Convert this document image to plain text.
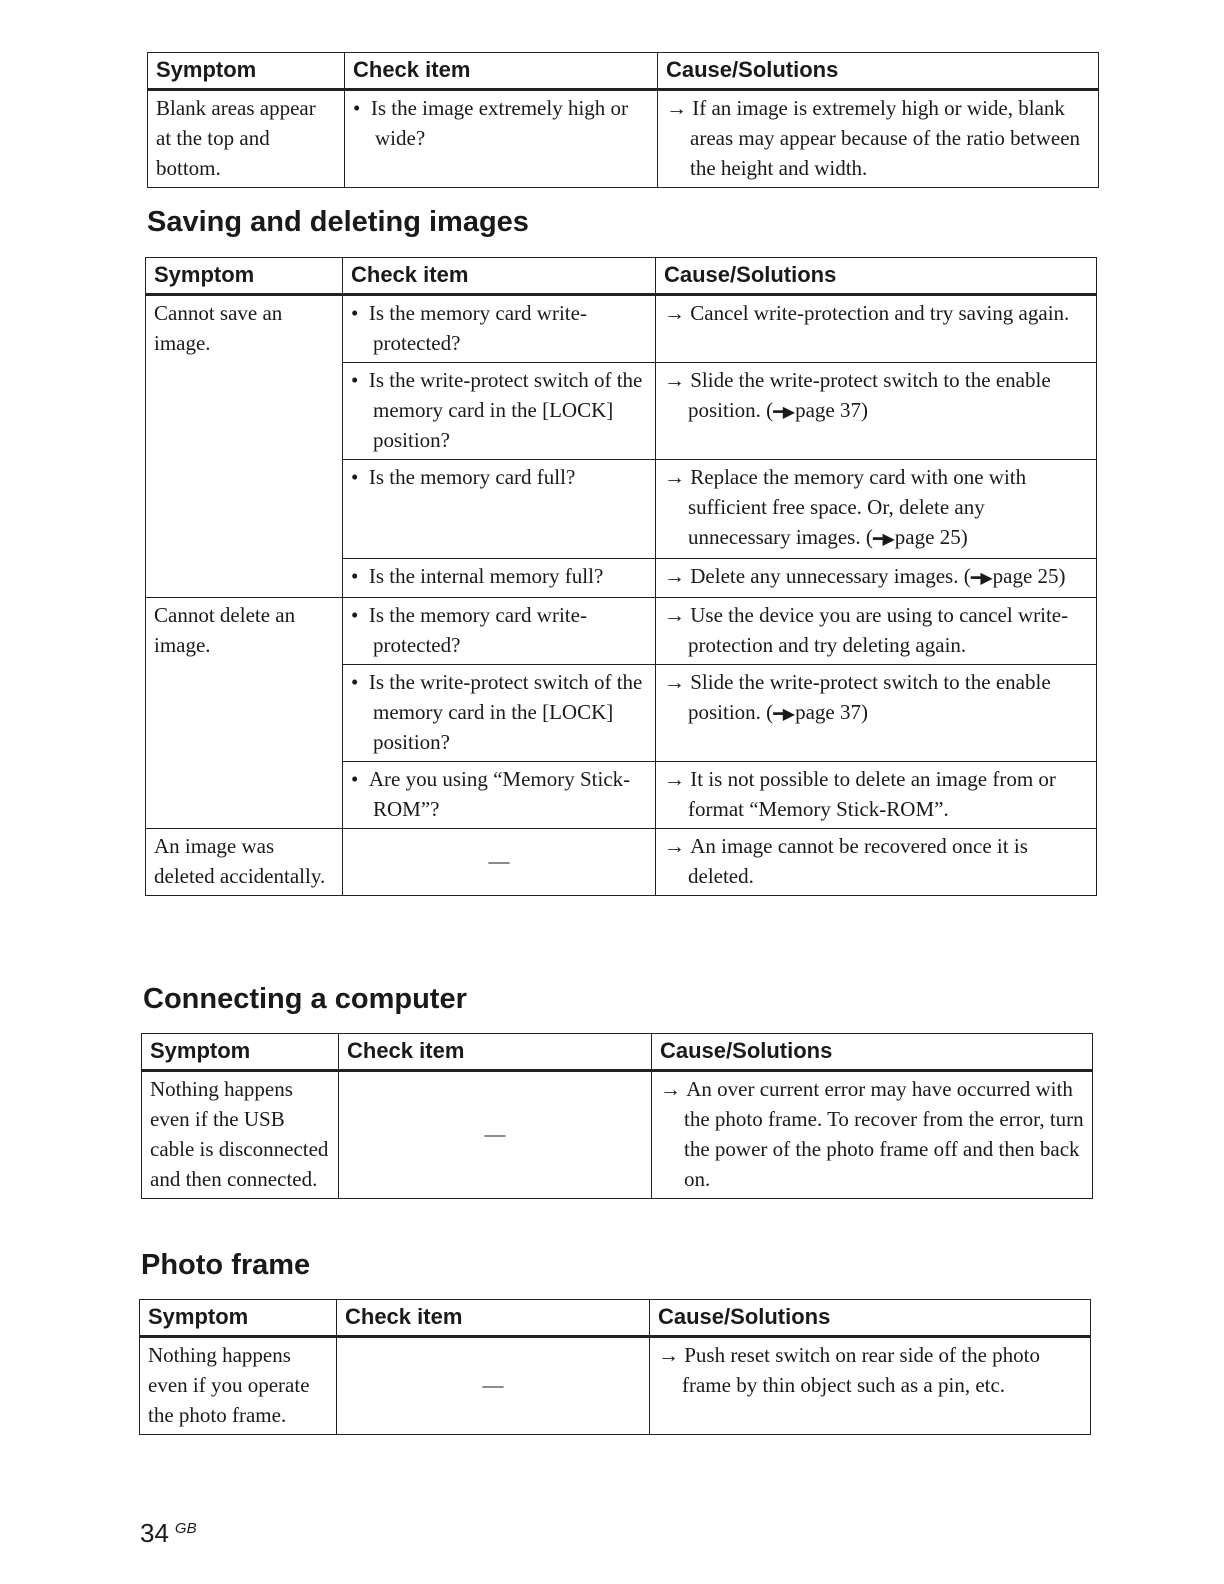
Symptom	Check item	Cause/Solutions
Blank areas appear at the top and bottom.	•  Is the image extremely high or wide?	→ If an image is extremely high or wide, blank areas may appear because of the ratio between the height and width.
Saving and deleting images
Symptom	Check item	Cause/Solutions
Cannot save an image.	•  Is the memory card write-protected?	→ Cancel write-protection and try saving again.

	•  Is the write-protect switch of the memory card in the [LOCK] position?	→ Slide the write-protect switch to the enable position. (━▶page 37)

	•  Is the memory card full?	→ Replace the memory card with one with sufficient free space. Or, delete any unnecessary images. (━▶page 25)

	•  Is the internal memory full?	→ Delete any unnecessary images. (━▶page 25)

Cannot delete an image.	•  Is the memory card write-protected?	→ Use the device you are using to cancel write-protection and try deleting again.

	•  Is the write-protect switch of the memory card in the [LOCK] position?	→ Slide the write-protect switch to the enable position. (━▶page 37)

	•  Are you using “Memory Stick-ROM”?	→ It is not possible to delete an image from or format “Memory Stick-ROM”.

An image was deleted accidentally.	—	→ An image cannot be recovered once it is deleted.
Connecting a computer
Symptom	Check item	Cause/Solutions
Nothing happens even if the USB cable is disconnected and then connected.	—	→ An over current error may have occurred with the photo frame. To recover from the error, turn the power of the photo frame off and then back on.
Photo frame
Symptom	Check item	Cause/Solutions
Nothing happens even if you operate the photo frame.	—	→ Push reset switch on rear side of the photo frame by thin object such as a pin, etc.
34 $^{GB}$
